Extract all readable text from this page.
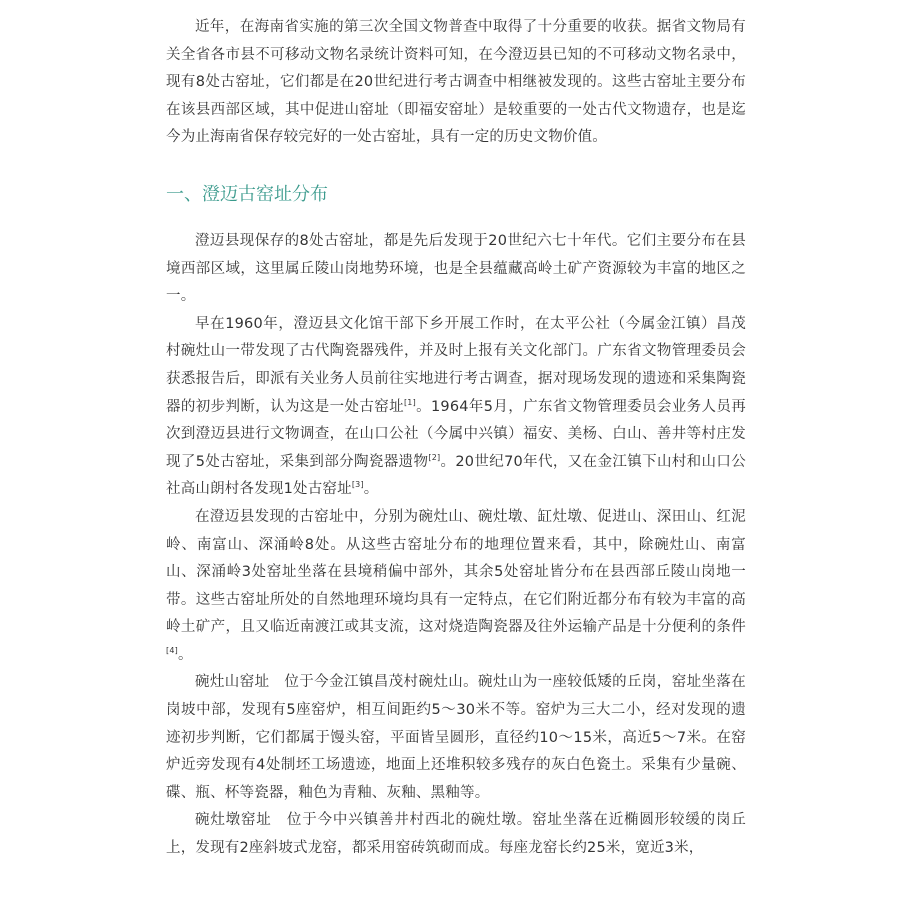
近年，在海南省实施的第三次全国文物普查中取得了十分重要的收获。据省文物局有关全省各市县不可移动文物名录统计资料可知，在今澄迈县已知的不可移动文物名录中，现有8处古窑址，它们都是在20世纪进行考古调查中相继被发现的。这些古窑址主要分布在该县西部区域，其中促进山窑址（即福安窑址）是较重要的一处古代文物遗存，也是迄今为止海南省保存较完好的一处古窑址，具有一定的历史文物价值。

一、澄迈古窑址分布

澄迈县现保存的8处古窑址，都是先后发现于20世纪六七十年代。它们主要分布在县境西部区域，这里属丘陵山岗地势环境，也是全县蕴藏高岭土矿产资源较为丰富的地区之一。

早在1960年，澄迈县文化馆干部下乡开展工作时，在太平公社（今属金江镇）昌茂村碗灶山一带发现了古代陶瓷器残件，并及时上报有关文化部门。广东省文物管理委员会获悉报告后，即派有关业务人员前往实地进行考古调查，据对现场发现的遗迹和采集陶瓷器的初步判断，认为这是一处古窑址[1]。1964年5月，广东省文物管理委员会业务人员再次到澄迈县进行文物调查，在山口公社（今属中兴镇）福安、美杨、白山、善井等村庄发现了5处古窑址，采集到部分陶瓷器遗物[2]。20世纪70年代，又在金江镇下山村和山口公社高山朗村各发现1处古窑址[3]。

在澄迈县发现的古窑址中，分别为碗灶山、碗灶墩、缸灶墩、促进山、深田山、红泥岭、南富山、深涌岭8处。从这些古窑址分布的地理位置来看，其中，除碗灶山、南富山、深涌岭3处窑址坐落在县境稍偏中部外，其余5处窑址皆分布在县西部丘陵山岗地一带。这些古窑址所处的自然地理环境均具有一定特点，在它们附近都分布有较为丰富的高岭土矿产，且又临近南渡江或其支流，这对烧造陶瓷器及往外运输产品是十分便利的条件[4]。

碗灶山窑址　位于今金江镇昌茂村碗灶山。碗灶山为一座较低矮的丘岗，窑址坐落在岗坡中部，发现有5座窑炉，相互间距约5～30米不等。窑炉为三大二小，经对发现的遗迹初步判断，它们都属于馒头窑，平面皆呈圆形，直径约10～15米，高近5～7米。在窑炉近旁发现有4处制坯工场遗迹，地面上还堆积较多残存的灰白色瓷土。采集有少量碗、碟、瓶、杯等瓷器，釉色为青釉、灰釉、黑釉等。

碗灶墩窑址　位于今中兴镇善井村西北的碗灶墩。窑址坐落在近椭圆形较缓的岗丘上，发现有2座斜坡式龙窑，都采用窑砖筑砌而成。每座龙窑长约25米，宽近3米，
